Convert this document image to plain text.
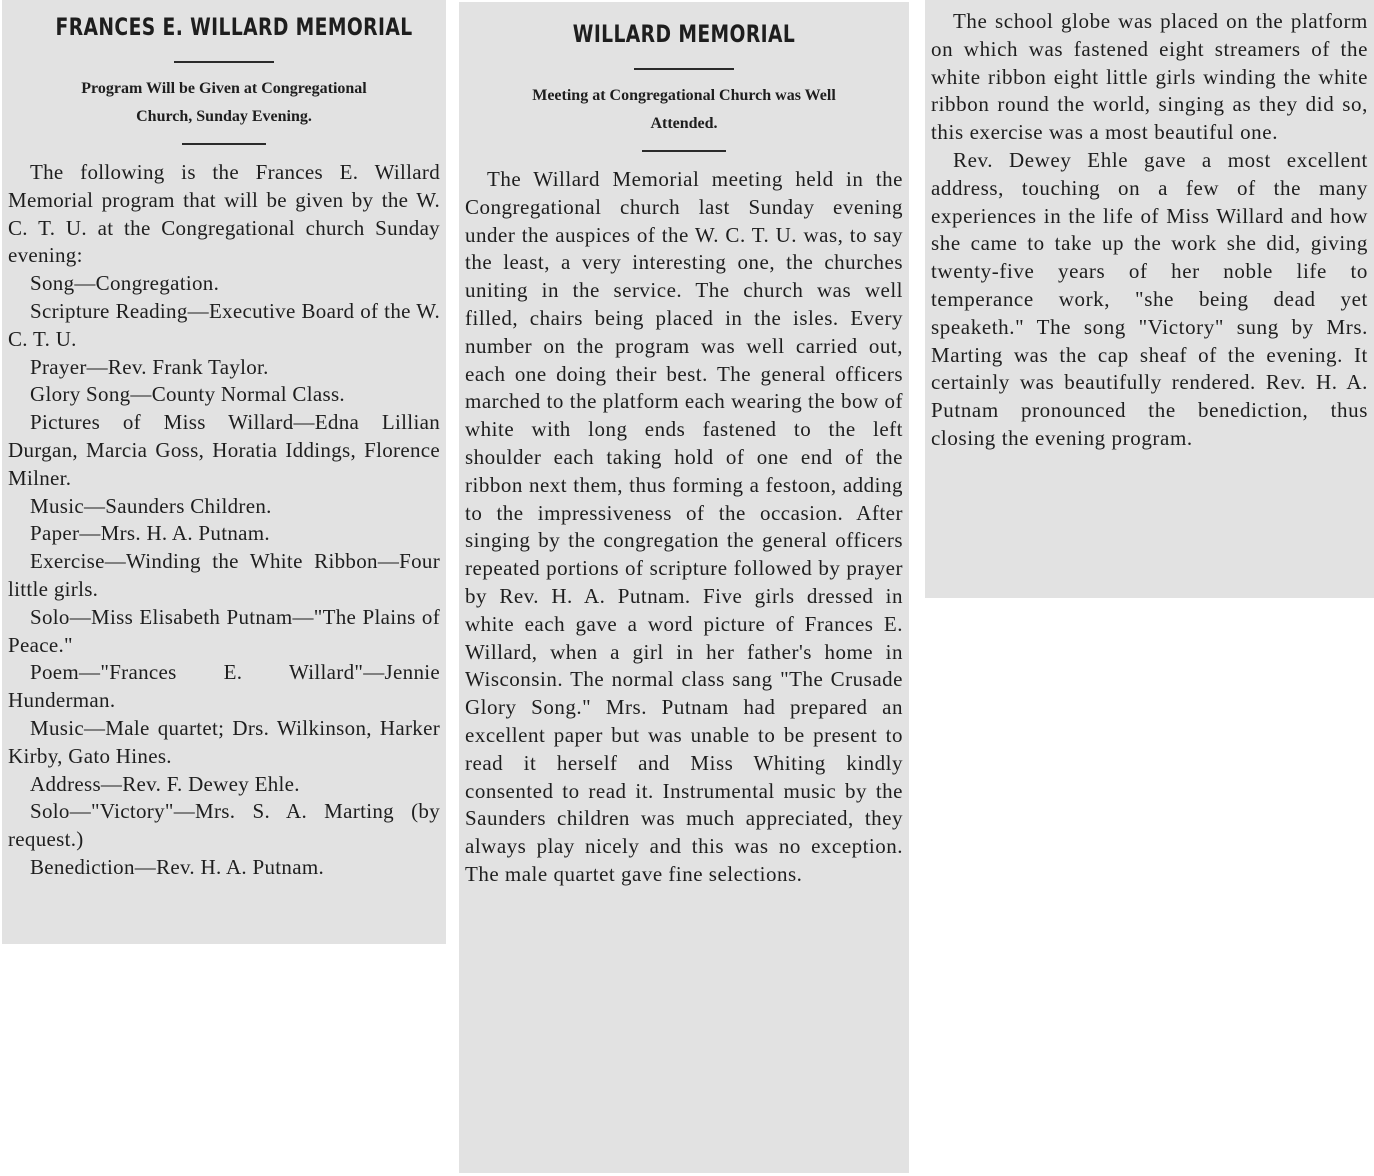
FRANCES E. WILLARD MEMORIAL
Program Will be Given at Congregational
Church, Sunday Evening.

The following is the Frances E. Willard Memorial program that will be given by the W. C. T. U. at the Congregational church Sunday evening:

Song—Congregation.
Scripture Reading—Executive Board of the W. C. T. U.
Prayer—Rev. Frank Taylor.
Glory Song—County Normal Class.
Pictures of Miss Willard—Edna Lillian Durgan, Marcia Goss, Horatia Iddings, Florence Milner.
Music—Saunders Children.
Paper—Mrs. H. A. Putnam.
Exercise—Winding the White Ribbon—Four little girls.
Solo—Miss Elisabeth Putnam—"The Plains of Peace."
Poem—"Frances E. Willard"—Jennie Hunderman.
Music—Male quartet; Drs. Wilkinson, Harker Kirby, Gato Hines.
Address—Rev. F. Dewey Ehle.
Solo—"Victory"—Mrs. S. A. Marting (by request.)
Benediction—Rev. H. A. Putnam.
WILLARD MEMORIAL
Meeting at Congregational Church was Well
Attended.

The Willard Memorial meeting held in the Congregational church last Sunday evening under the auspices of the W. C. T. U. was, to say the least, a very interesting one, the churches uniting in the service. The church was well filled, chairs being placed in the isles. Every number on the program was well carried out, each one doing their best. The general officers marched to the platform each wearing the bow of white with long ends fastened to the left shoulder each taking hold of one end of the ribbon next them, thus forming a festoon, adding to the impressiveness of the occasion. After singing by the congregation the general officers repeated portions of scripture followed by prayer by Rev. H. A. Putnam. Five girls dressed in white each gave a word picture of Frances E. Willard, when a girl in her father's home in Wisconsin. The normal class sang "The Crusade Glory Song." Mrs. Putnam had prepared an excellent paper but was unable to be present to read it herself and Miss Whiting kindly consented to read it. Instrumental music by the Saunders children was much appreciated, they always play nicely and this was no exception. The male quartet gave fine selections.

The school globe was placed on the platform on which was fastened eight streamers of the white ribbon eight little girls winding the white ribbon round the world, singing as they did so, this exercise was a most beautiful one.

Rev. Dewey Ehle gave a most excellent address, touching on a few of the many experiences in the life of Miss Willard and how she came to take up the work she did, giving twenty-five years of her noble life to temperance work, "she being dead yet speaketh." The song "Victory" sung by Mrs. Marting was the cap sheaf of the evening. It certainly was beautifully rendered. Rev. H. A. Putnam pronounced the benediction, thus closing the evening program.
